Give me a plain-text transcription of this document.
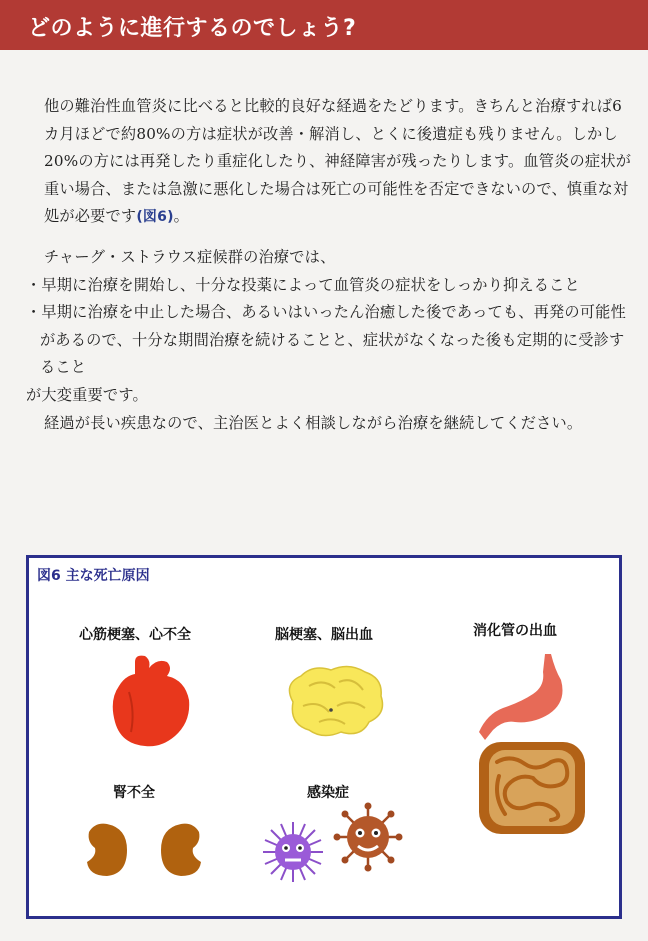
どのように進行するのでしょう?

他の難治性血管炎に比べると比較的良好な経過をたどります。きちんと治療すれば6カ月ほどで約80%の方は症状が改善・解消し、とくに後遺症も残りません。しかし20%の方には再発したり重症化したり、神経障害が残ったりします。血管炎の症状が重い場合、または急激に悪化した場合は死亡の可能性を否定できないので、慎重な対処が必要です(図6)。

チャーグ・ストラウス症候群の治療では、

・早期に治療を開始し、十分な投薬によって血管炎の症状をしっかり抑えること

・早期に治療を中止した場合、あるいはいったん治癒した後であっても、再発の可能性があるので、十分な期間治療を続けることと、症状がなくなった後も定期的に受診すること

が大変重要です。

経過が長い疾患なので、主治医とよく相談しながら治療を継続してください。

図6 主な死亡原因
心筋梗塞、心不全	脳梗塞、脳出血	消化管の出血
腎不全	感染症
